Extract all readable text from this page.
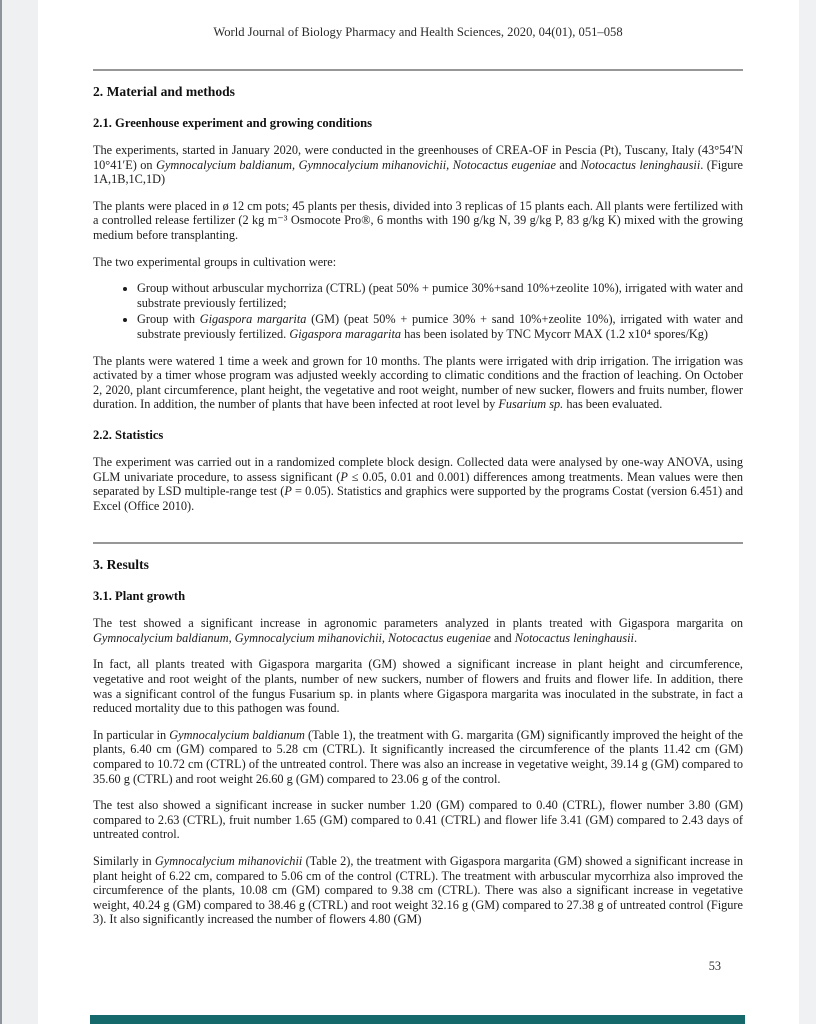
World Journal of Biology Pharmacy and Health Sciences, 2020, 04(01), 051–058
2. Material and methods
2.1. Greenhouse experiment and growing conditions

The experiments, started in January 2020, were conducted in the greenhouses of CREA-OF in Pescia (Pt), Tuscany, Italy (43°54′N 10°41′E) on Gymnocalycium baldianum, Gymnocalycium mihanovichii, Notocactus eugeniae and Notocactus leninghausii. (Figure 1A,1B,1C,1D)

The plants were placed in ø 12 cm pots; 45 plants per thesis, divided into 3 replicas of 15 plants each. All plants were fertilized with a controlled release fertilizer (2 kg m⁻³ Osmocote Pro®, 6 months with 190 g/kg N, 39 g/kg P, 83 g/kg K) mixed with the growing medium before transplanting.

The two experimental groups in cultivation were:

• Group without arbuscular mychorriza (CTRL) (peat 50% + pumice 30%+sand 10%+zeolite 10%), irrigated with water and substrate previously fertilized;
• Group with Gigaspora margarita (GM) (peat 50% + pumice 30% + sand 10%+zeolite 10%), irrigated with water and substrate previously fertilized. Gigaspora maragarita has been isolated by TNC Mycorr MAX (1.2 x10⁴ spores/Kg)

The plants were watered 1 time a week and grown for 10 months. The plants were irrigated with drip irrigation. The irrigation was activated by a timer whose program was adjusted weekly according to climatic conditions and the fraction of leaching. On October 2, 2020, plant circumference, plant height, the vegetative and root weight, number of new sucker, flowers and fruits number, flower duration. In addition, the number of plants that have been infected at root level by Fusarium sp. has been evaluated.

2.2. Statistics

The experiment was carried out in a randomized complete block design. Collected data were analysed by one-way ANOVA, using GLM univariate procedure, to assess significant (P ≤ 0.05, 0.01 and 0.001) differences among treatments. Mean values were then separated by LSD multiple-range test (P = 0.05). Statistics and graphics were supported by the programs Costat (version 6.451) and Excel (Office 2010).

3. Results
3.1. Plant growth

The test showed a significant increase in agronomic parameters analyzed in plants treated with Gigaspora margarita on Gymnocalycium baldianum, Gymnocalycium mihanovichii, Notocactus eugeniae and Notocactus leninghausii.

In fact, all plants treated with Gigaspora margarita (GM) showed a significant increase in plant height and circumference, vegetative and root weight of the plants, number of new suckers, number of flowers and fruits and flower life. In addition, there was a significant control of the fungus Fusarium sp. in plants where Gigaspora margarita was inoculated in the substrate, in fact a reduced mortality due to this pathogen was found.

In particular in Gymnocalycium baldianum (Table 1), the treatment with G. margarita (GM) significantly improved the height of the plants, 6.40 cm (GM) compared to 5.28 cm (CTRL). It significantly increased the circumference of the plants 11.42 cm (GM) compared to 10.72 cm (CTRL) of the untreated control. There was also an increase in vegetative weight, 39.14 g (GM) compared to 35.60 g (CTRL) and root weight 26.60 g (GM) compared to 23.06 g of the control.

The test also showed a significant increase in sucker number 1.20 (GM) compared to 0.40 (CTRL), flower number 3.80 (GM) compared to 2.63 (CTRL), fruit number 1.65 (GM) compared to 0.41 (CTRL) and flower life 3.41 (GM) compared to 2.43 days of untreated control.

Similarly in Gymnocalycium mihanovichii (Table 2), the treatment with Gigaspora margarita (GM) showed a significant increase in plant height of 6.22 cm, compared to 5.06 cm of the control (CTRL). The treatment with arbuscular mycorrhiza also improved the circumference of the plants, 10.08 cm (GM) compared to 9.38 cm (CTRL). There was also a significant increase in vegetative weight, 40.24 g (GM) compared to 38.46 g (CTRL) and root weight 32.16 g (GM) compared to 27.38 g of untreated control (Figure 3). It also significantly increased the number of flowers 4.80 (GM)

53
